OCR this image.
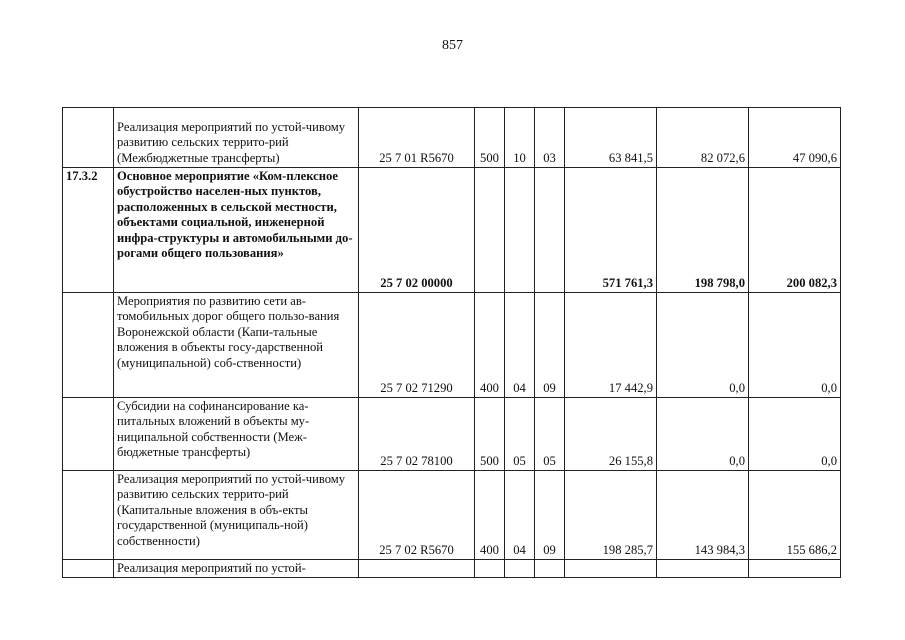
857
	Реализация мероприятий по устой-чивому развитию сельских террито-рий (Межбюджетные трансферты)	25 7 01 R5670	500	10	03	63 841,5	82 072,6	47 090,6
17.3.2	Основное мероприятие «Ком-плексное обустройство населен-ных пунктов, расположенных в сельской местности, объектами социальной, инженерной инфра-структуры и автомобильными до-рогами общего пользования»	25 7 02 00000				571 761,3	198 798,0	200 082,3
	Мероприятия по развитию сети ав-томобильных дорог общего пользо-вания Воронежской области (Капи-тальные вложения в объекты госу-дарственной (муниципальной) соб-ственности)	25 7 02 71290	400	04	09	17 442,9	0,0	0,0
	Субсидии на софинансирование ка-питальных вложений в объекты му-ниципальной собственности (Меж-бюджетные трансферты)	25 7 02 78100	500	05	05	26 155,8	0,0	0,0
	Реализация мероприятий по устой-чивому развитию сельских террито-рий (Капитальные вложения в объ-екты государственной (муниципаль-ной) собственности)	25 7 02 R5670	400	04	09	198 285,7	143 984,3	155 686,2
	Реализация мероприятий по устой-							
